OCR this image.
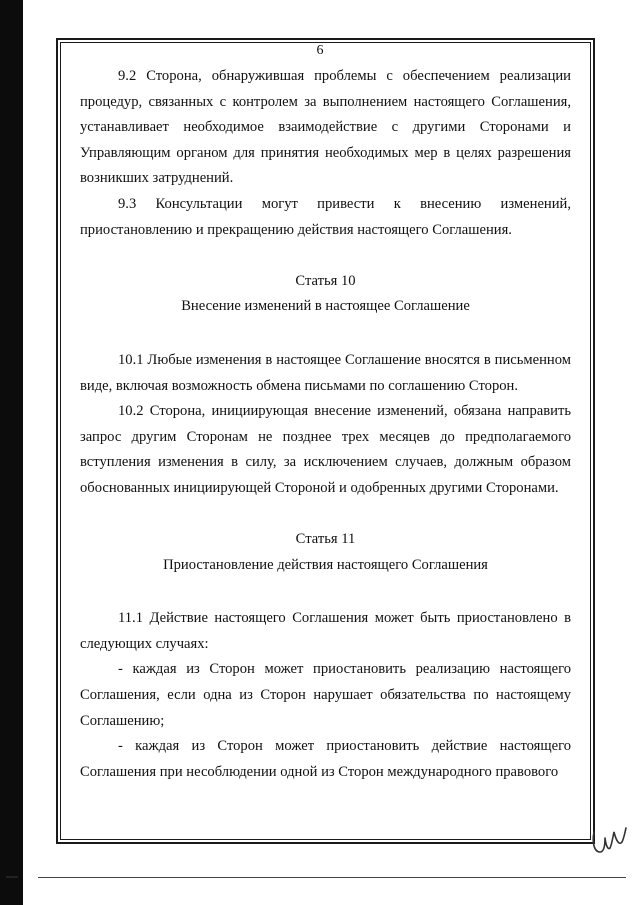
6

9.2 Сторона, обнаружившая проблемы с обеспечением реализации процедур, связанных с контролем за выполнением настоящего Соглашения, устанавливает необходимое взаимодействие с другими Сторонами и Управляющим органом для принятия необходимых мер в целях разрешения возникших затруднений.

9.3 Консультации могут привести к внесению изменений, приостановлению и прекращению действия настоящего Соглашения.

Статья 10

Внесение изменений в настоящее Соглашение

10.1 Любые изменения в настоящее Соглашение вносятся в письменном виде, включая возможность обмена письмами по соглашению Сторон.

10.2 Сторона, инициирующая внесение изменений, обязана направить запрос другим Сторонам не позднее трех месяцев до предполагаемого вступления изменения в силу, за исключением случаев, должным образом обоснованных инициирующей Стороной и одобренных другими Сторонами.

Статья 11

Приостановление действия настоящего Соглашения

11.1 Действие настоящего Соглашения может быть приостановлено в следующих случаях:

- каждая из Сторон может приостановить реализацию настоящего Соглашения, если одна из Сторон нарушает обязательства по настоящему Соглашению;

- каждая из Сторон может приостановить действие настоящего Соглашения при несоблюдении одной из Сторон международного правового
